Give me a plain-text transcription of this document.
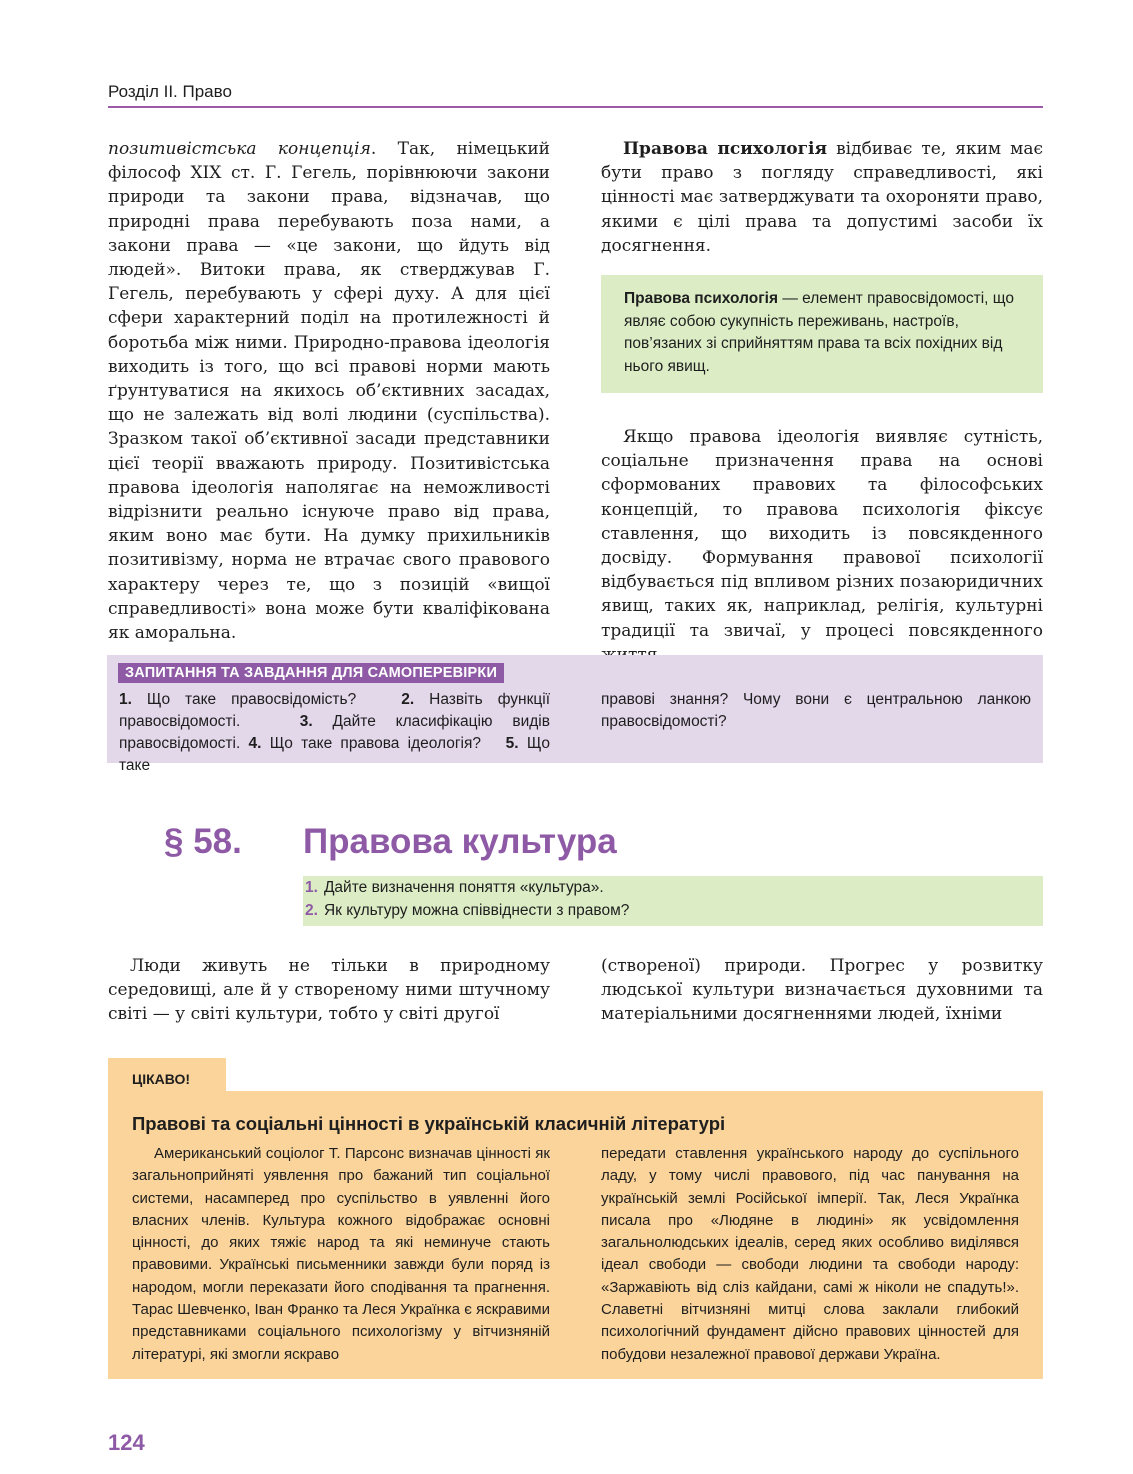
Розділ ІІ. Право

позитивістська концепція. Так, німецький філософ ХІХ ст. Г. Гегель, порівнюючи закони природи та закони права, відзначав, що природні права перебувають поза нами, а закони права — «це закони, що йдуть від людей». Витоки права, як стверджував Г. Гегель, перебувають у сфері духу. А для цієї сфери характерний поділ на протилежності й боротьба між ними. Природно-правова ідеологія виходить із того, що всі правові норми мають ґрунтуватися на якихось об’єктивних засадах, що не залежать від волі людини (суспільства). Зразком такої об’єктивної засади представники цієї теорії вважають природу. Позитивістська правова ідеологія наполягає на неможливості відрізнити реально існуюче право від права, яким воно має бути. На думку прихильників позитивізму, норма не втрачає свого правового характеру через те, що з позицій «вищої справедливості» вона може бути кваліфікована як аморальна.

Правова психологія відбиває те, яким має бути право з погляду справедливості, які цінності має затверджувати та охороняти право, якими є цілі права та допустимі засоби їх досягнення.

Правова психологія — елемент правосвідомості, що являє собою сукупність переживань, настроїв, пов’язаних зі сприйняттям права та всіх похідних від нього явищ.

Якщо правова ідеологія виявляє сутність, соціальне призначення права на основі сформованих правових та філософських концепцій, то правова психологія фіксує ставлення, що виходить із повсякденного досвіду. Формування правової психології відбувається під впливом різних позаюридичних явищ, таких як, наприклад, релігія, культурні традиції та звичаї, у процесі повсякденного

ЗАПИТАННЯ ТА ЗАВДАННЯ ДЛЯ САМОПЕРЕВІРКИ
1. Що таке правосвідомість?	2. Назвіть функції правосвідомості.	3. Дайте класифікацію видів правосвідомості. 4. Що таке правова ідеологія? 5. Що таке
правові знання? Чому вони є центральною ланкою правосвідомості?
§ 58. Правова культура
1. Дайте визначення поняття «культура».
2. Як культуру можна співвіднести з правом?

Люди живуть не тільки в природному середовищі, але й у створеному ними штучному світі — у світі культури, тобто у світі другої

(створеної) природи. Прогрес у розвитку людської культури визначається духовними та матеріальними досягненнями людей, їхніми

ЦІКАВО!
Правові та соціальні цінності в українській класичній літературі

Американський соціолог Т. Парсонс визначав цінності як загальноприйняті уявлення про бажаний тип соціальної системи, насамперед про суспільство в уявленні його власних членів. Культура кожного відображає основні цінності, до яких тяжіє народ та які неминуче стають правовими. Українські письменники завжди були поряд із народом, могли переказати його сподівання та прагнення. Тарас Шевченко, Іван Франко та Леся Українка є яскравими представниками соціального психологізму у вітчизняній літературі, які змогли яскраво

передати ставлення українського народу до суспільного ладу, у тому числі правового, під час панування на українській землі Російської імперії. Так, Леся Українка писала про «Людяне в людині» як усвідомлення загальнолюдських ідеалів, серед яких особливо виділявся ідеал свободи — свободи людини та свободи народу: «Заржавіють від сліз кайдани, самі ж ніколи не спадуть!». Славетні вітчизняні митці слова заклали глибокий психологічний фундамент дійсно правових цінностей для побудови незалежної правової держави Україна.

124
